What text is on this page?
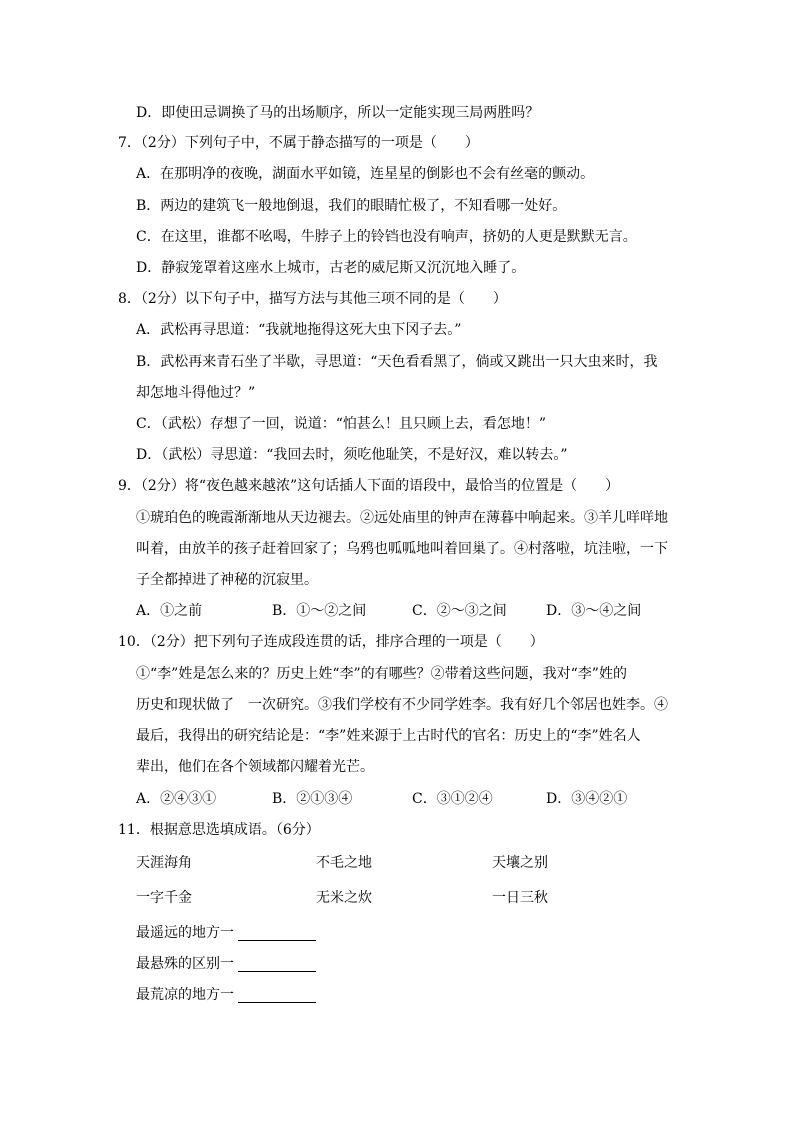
D．即使田忌调换了马的出场顺序，所以一定能实现三局两胜吗？
7．（2分）下列句子中，不属于静态描写的一项是（　　）
A．在那明净的夜晚，湖面水平如镜，连星星的倒影也不会有丝毫的颤动。
B．两边的建筑飞一般地倒退，我们的眼睛忙极了，不知看哪一处好。
C．在这里，谁都不吆喝，牛脖子上的铃铛也没有响声，挤奶的人更是默默无言。
D．静寂笼罩着这座水上城市，古老的威尼斯又沉沉地入睡了。
8．（2分）以下句子中，描写方法与其他三项不同的是（　　）
A．武松再寻思道：“我就地拖得这死大虫下冈子去。”
B．武松再来青石坐了半歇，寻思道：“天色看看黑了，倘或又跳出一只大虫来时，我
却怎地斗得他过？”
C．（武松）存想了一回，说道：“怕甚么！且只顾上去，看怎地！”
D．（武松）寻思道：“我回去时，须吃他耻笑，不是好汉，难以转去。”
9．（2分）将“夜色越来越浓”这句话插人下面的语段中，最恰当的位置是（　　）
①琥珀色的晚霞渐渐地从天边褪去。②远处庙里的钟声在薄暮中响起来。③羊儿咩咩地
叫着，由放羊的孩子赶着回家了；乌鸦也呱呱地叫着回巢了。④村落啦，坑洼啦，一下
子全都掉进了神秘的沉寂里。
A．①之前	B．①～②之间	C．②～③之间	D．③～④之间
10．（2分）把下列句子连成段连贯的话，排序合理的一项是（　　）
①“李”姓是怎么来的？历史上姓“李”的有哪些？②带着这些问题，我对“李”姓的
历史和现状做了　一次研究。③我们学校有不少同学姓李。我有好几个邻居也姓李。④
最后，我得出的研究结论是：“李”姓来源于上古时代的官名：历史上的“李”姓名人
辈出，他们在各个领域都闪耀着光芒。
A．②④③①	B．②①③④	C．③①②④	D．③④②①
11．根据意思选填成语。（6分）
天涯海角	不毛之地	天壤之别
一字千金	无米之炊	一日三秋
最遥远的地方一
最悬殊的区别一
最荒凉的地方一
